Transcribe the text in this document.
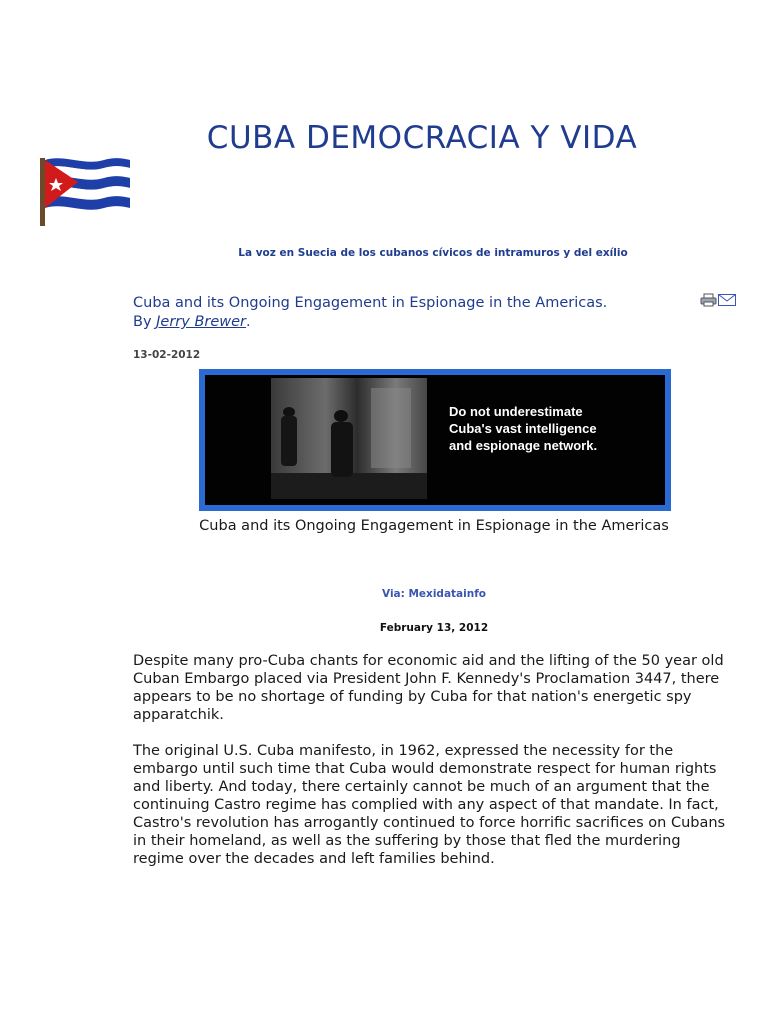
CUBA DEMOCRACIA Y VIDA
La voz en Suecia de los cubanos cívicos de intramuros y del exílio
Cuba and its Ongoing Engagement in Espionage in the Americas.
By Jerry Brewer.
13-02-2012
Do not underestimate
Cuba's vast intelligence
and espionage network.
Cuba and its Ongoing Engagement in Espionage in the Americas
Via: Mexidatainfo
February 13, 2012

Despite many pro-Cuba chants for economic aid and the lifting of the 50 year old Cuban Embargo placed via President John F. Kennedy's Proclamation 3447, there appears to be no shortage of funding by Cuba for that nation's energetic spy apparatchik.

The original U.S. Cuba manifesto, in 1962, expressed the necessity for the embargo until such time that Cuba would demonstrate respect for human rights and liberty. And today, there certainly cannot be much of an argument that the continuing Castro regime has complied with any aspect of that mandate. In fact, Castro's revolution has arrogantly continued to force horrific sacrifices on Cubans in their homeland, as well as the suffering by those that fled the murdering regime over the decades and left families behind.
